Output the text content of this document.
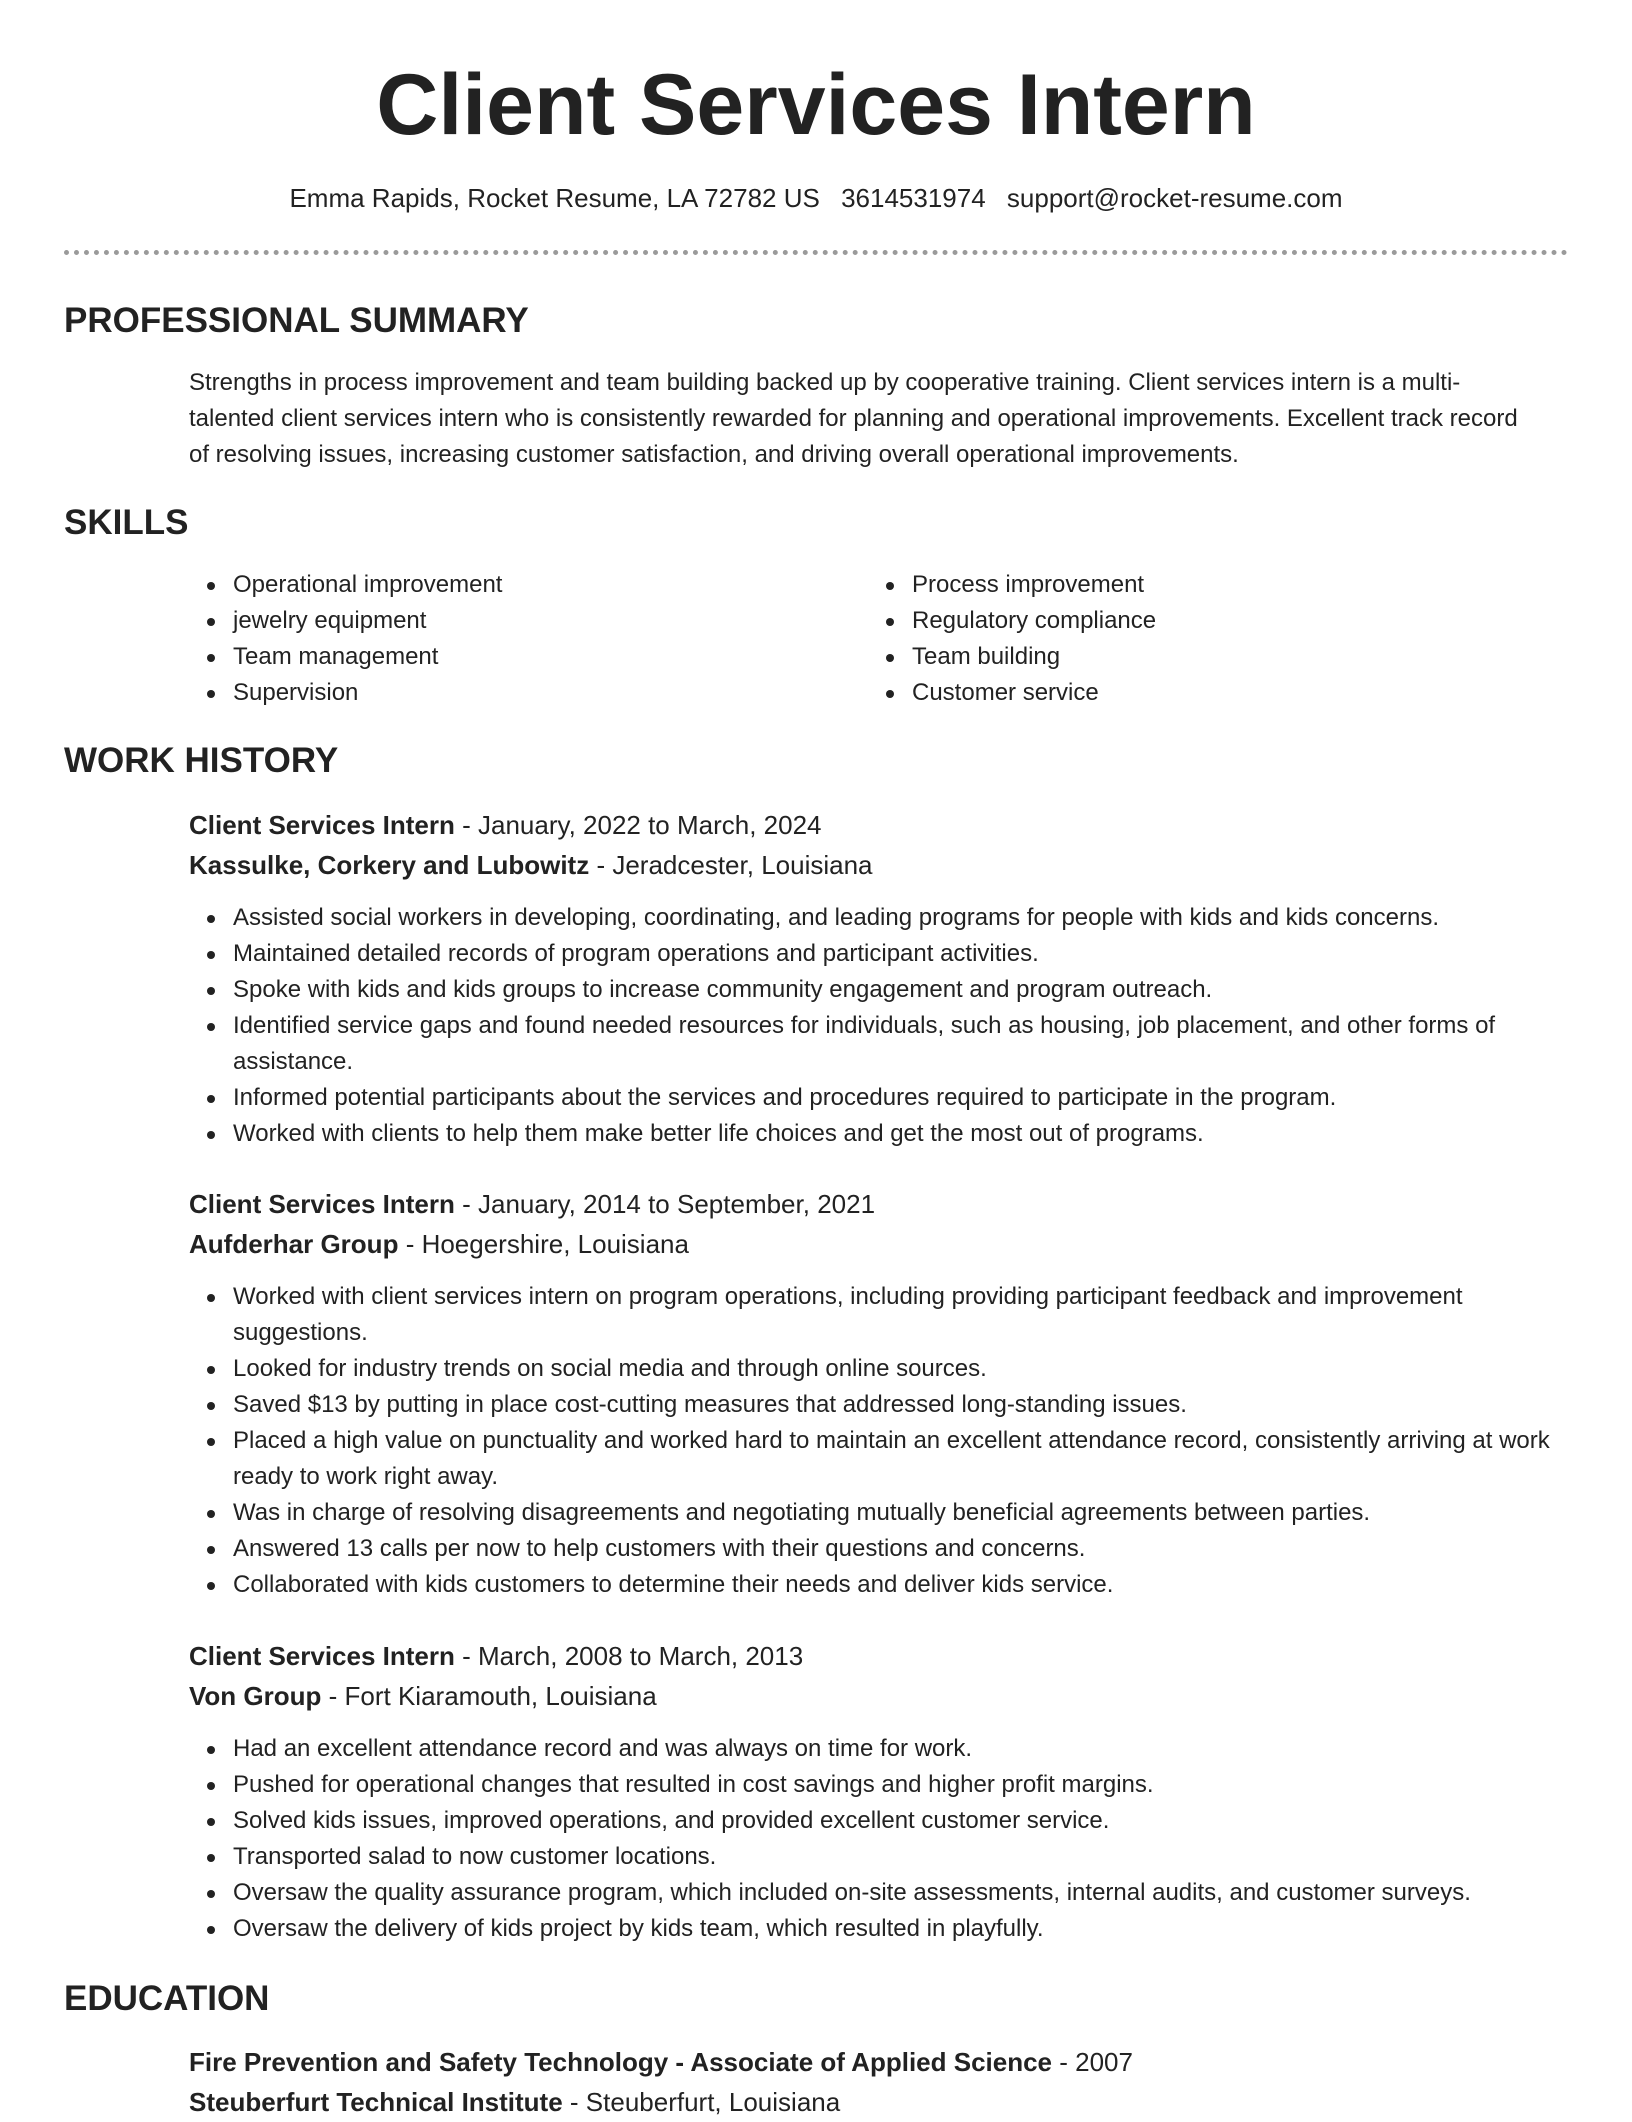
Client Services Intern
Emma Rapids, Rocket Resume, LA 72782 US 3614531974 support@rocket-resume.com
PROFESSIONAL SUMMARY
Strengths in process improvement and team building backed up by cooperative training. Client services intern is a multi-talented client services intern who is consistently rewarded for planning and operational improvements. Excellent track record of resolving issues, increasing customer satisfaction, and driving overall operational improvements.
SKILLS
Operational improvement
jewelry equipment
Team management
Supervision
Process improvement
Regulatory compliance
Team building
Customer service
WORK HISTORY
Client Services Intern - January, 2022 to March, 2024
Kassulke, Corkery and Lubowitz - Jeradcester, Louisiana
Assisted social workers in developing, coordinating, and leading programs for people with kids and kids concerns.
Maintained detailed records of program operations and participant activities.
Spoke with kids and kids groups to increase community engagement and program outreach.
Identified service gaps and found needed resources for individuals, such as housing, job placement, and other forms of assistance.
Informed potential participants about the services and procedures required to participate in the program.
Worked with clients to help them make better life choices and get the most out of programs.
Client Services Intern - January, 2014 to September, 2021
Aufderhar Group - Hoegershire, Louisiana
Worked with client services intern on program operations, including providing participant feedback and improvement suggestions.
Looked for industry trends on social media and through online sources.
Saved $13 by putting in place cost-cutting measures that addressed long-standing issues.
Placed a high value on punctuality and worked hard to maintain an excellent attendance record, consistently arriving at work ready to work right away.
Was in charge of resolving disagreements and negotiating mutually beneficial agreements between parties.
Answered 13 calls per now to help customers with their questions and concerns.
Collaborated with kids customers to determine their needs and deliver kids service.
Client Services Intern - March, 2008 to March, 2013
Von Group - Fort Kiaramouth, Louisiana
Had an excellent attendance record and was always on time for work.
Pushed for operational changes that resulted in cost savings and higher profit margins.
Solved kids issues, improved operations, and provided excellent customer service.
Transported salad to now customer locations.
Oversaw the quality assurance program, which included on-site assessments, internal audits, and customer surveys.
Oversaw the delivery of kids project by kids team, which resulted in playfully.
EDUCATION
Fire Prevention and Safety Technology - Associate of Applied Science - 2007
Steuberfurt Technical Institute - Steuberfurt, Louisiana
